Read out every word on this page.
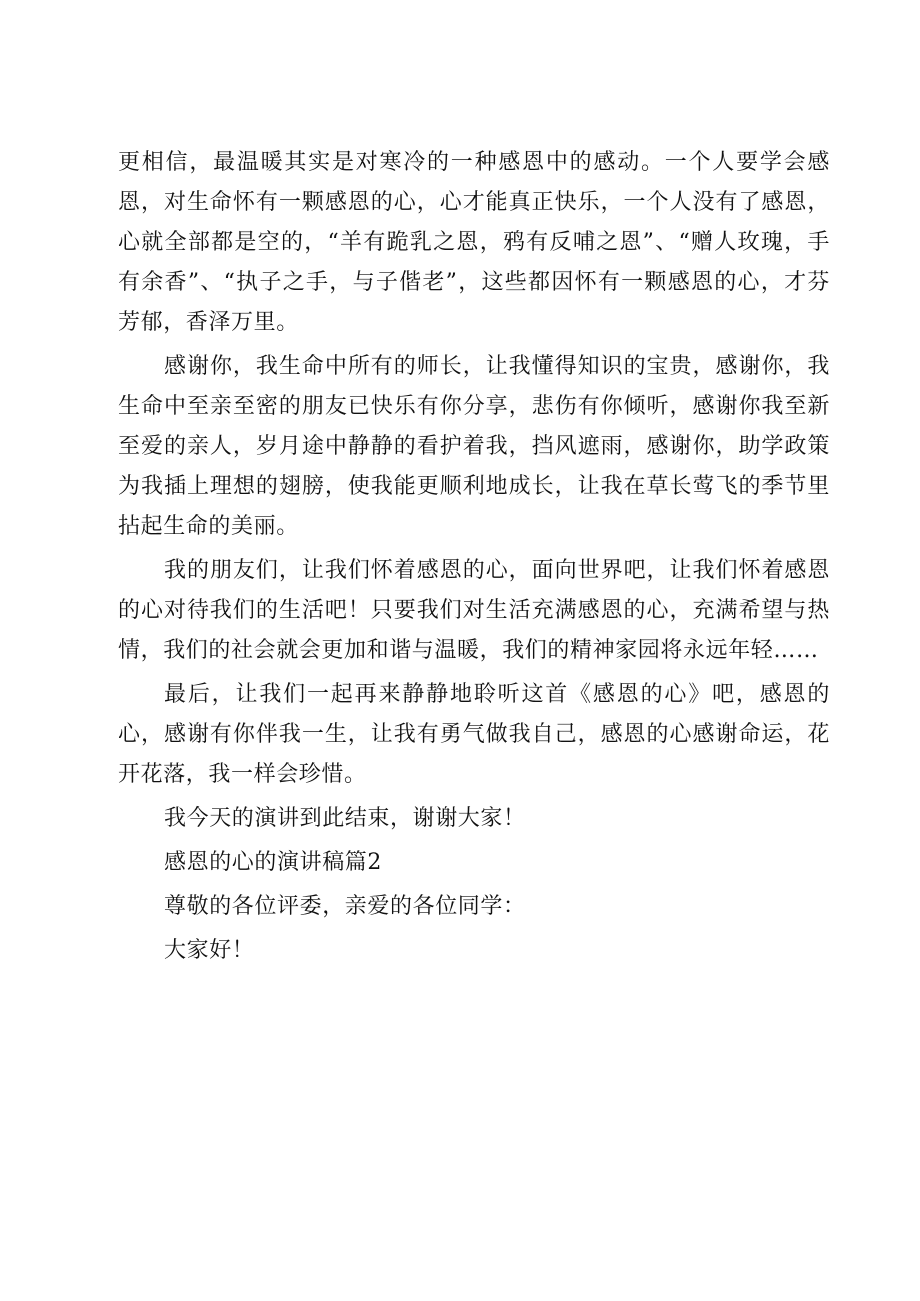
更相信，最温暖其实是对寒冷的一种感恩中的感动。一个人要学会感恩，对生命怀有一颗感恩的心，心才能真正快乐，一个人没有了感恩，心就全部都是空的，“羊有跪乳之恩，鸦有反哺之恩”、“赠人玫瑰，手有余香”、“执子之手，与子偕老”，这些都因怀有一颗感恩的心，才芬芳郁，香泽万里。

感谢你，我生命中所有的师长，让我懂得知识的宝贵，感谢你，我生命中至亲至密的朋友已快乐有你分享，悲伤有你倾听，感谢你我至新至爱的亲人，岁月途中静静的看护着我，挡风遮雨，感谢你，助学政策为我插上理想的翅膀，使我能更顺利地成长，让我在草长莺飞的季节里拈起生命的美丽。

我的朋友们，让我们怀着感恩的心，面向世界吧，让我们怀着感恩的心对待我们的生活吧！只要我们对生活充满感恩的心，充满希望与热情，我们的社会就会更加和谐与温暖，我们的精神家园将永远年轻……

最后，让我们一起再来静静地聆听这首《感恩的心》吧，感恩的心，感谢有你伴我一生，让我有勇气做我自己，感恩的心感谢命运，花开花落，我一样会珍惜。

我今天的演讲到此结束，谢谢大家！

感恩的心的演讲稿篇2

尊敬的各位评委，亲爱的各位同学：

大家好！
